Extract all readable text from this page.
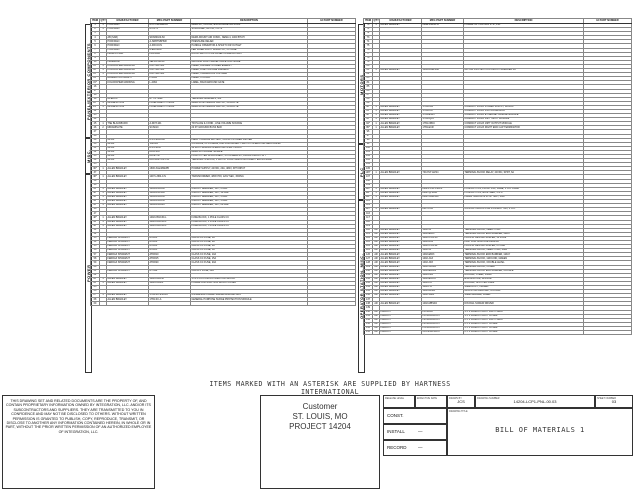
PANEL/EXTERIOR COMPONENTS
MISC.
POWER
ITEM	QTY	MANUFACTURER	MFG PART NUMBER	DESCRIPTION	HI PART NUMBER
1	1	HOFFMAN	A72H7224GRUA	NEMA 4X, 4 DOOR, ENCLOSURE W/PLUGS	
2	1	HOFFMAN	A72P72	SUB-PANEL, WHITE, 72X72	
3					
4		AB (SAB)	SDN30100-60	NEMA MOUNT AIR COND., NEMA 4, 1000 BTUH	
5		HOFFMAN	A-SRBTNBHMX	PRESSURE RELIEF	
6		HOFFMAN	A-FRCCCN	HANDLE OPERATOR & SHAFT FOR OUTLET	
7		HOFFMAN	A-ENC2LM	LED PANEL LIGHT W/SWITCH, 1 PHASE	
8		PENNSYLVAN	PA-L4000	DOOR SWITCH FOR PANEL INTERIOR LIGHT	
9					
10		HENNESSY	5EPLA-N/F4C	GROUND FAULT RECEPTACLE 4-1/2 MORE	
11*	1	KOLORCHEM MARKING	ZCP-NL1-40L	LABEL, DANGER STORED ENERGY	
12*	1	KOLORCHEM MARKING	ZCP-NL1-40L	LABEL, LINE VOLTAGE PRESENT	
13*	1	KOLORCHEM MARKING	ZCP-NL1-40L	LABEL, HAZARDOUS VOLTAGE	
14*		BRADENTON GRAPH	L-4062	LABEL, HI LOGO	
15*		KOLORCHEM MARKING	L-4062	LABEL, BACKGROUND GATE	
16					
17					
18					
19		APEDOC	BY HP 4082	TERMINAL MARKERS, 4x6	
20*	1	MINNESOTA M	PRSE-SWEXT-7X2050	NEMA 4X EXTERNAL SWITCH, 3X/ROUTE	
21*	1	MINNESOTA M	PRSE-SWEXT-7X2050	NEMA 4X EXTERNAL SWITCH, 3X/ROUTE	
22					
23					
24					
25	1	TSE BLACKBURN	A-DNT-101	TR PLACE & COND., LINE VOLUME SOURCE	
26	2	MIDAMINUTE	SCS010	20 FT GROUND BUSS BAR	
27					
28					
29		GPRS	DSH-1800-M0	FIELD TURBULE BATTERY, CLASS II POWER LIMITED	
30		GPRS	VMCD4	CONSOLE, 2X FUSIBLE, AND DISCONNECT SWITCH OPERATING MECHANISM	
31		GPRS	DSH-1050	48 INCH SLIDING OPERATING SHAFT RODS	
32		GPRS	DDA-10A	NEMA 4X FLANGE HANDLE	
33		GPRS	DDSH-3H	LOCK FITTER DISCONNECT, 3H IN NEMA 4X, CLASS CIRCUIT ATT	
34		GPRS	DDCWSH-CBY-15	TERMINAL SHROUD, 3 WAY AT LOAD SIDE DISCONNECT ENCLOSURE	
35					
36*	1	ALLEN BRADLEY	1606-XLE480EPB	POWER SUPPLY, 24VDC, 20A, 480V, 3PH INPUT	
37					
38*	1	ALLEN BRADLEY	1497-L3B4-0-N	TRANSFORMER, 480V PRI, 120V SEC, 1500VA	
39					
40					
41*	1	ALLEN BRADLEY	1489-M1C060	CIRCUIT BREAKER, 1PH, 6 AMP	
42*	1	ALLEN BRADLEY	1489-M1C100	CIRCUIT BREAKER, 1PH, 10 AMP	
43*	1	ALLEN BRADLEY	1489-M1C030	CIRCUIT BREAKER, 1PH, 3 AMP	
44*	1	ALLEN BRADLEY	1489-M1C050	CIRCUIT BREAKER, 1PH, 5 AMP	
45*	1	ALLEN BRADLEY	1489-M1C020	CIRCUIT BREAKER, 1PH, 20 AMP	
46					
47					
48*	1	ALLEN BRADLEY	1492-FB1C30-L	FUSE BLOCK, 1 POLE CLASS CC	
49*	1	ALLEN BRADLEY	1492-FB1C30-L	FUSE BLOCK, 1 POLE CLASS CC	
50*	1	ALLEN BRADLEY	1492-FB3C30-L	FUSE BLOCK, 3 POLE CLASS CC	
51					
52					
53		FERRAZ SHAWMUT	ATDR3	CLASS CC FUSE, 3A	
54		FERRAZ SHAWMUT	ATDR6	CLASS CC FUSE, 6A	
55		FERRAZ SHAWMUT	ATDR4	CLASS CC FUSE, 4A	
56		FERRAZ SHAWMUT	ATDR5	CLASS CC FUSE, 5A	
57		FERRAZ SHAWMUT	ATDR10	CLASS CC FUSE, 10A	
58		FERRAZ SHAWMUT	ATDR15	CLASS CC FUSE, 15A	
59		FERRAZ SHAWMUT	ATDR20	CLASS CC FUSE, 20A	
60					
61		FERRAZ SHAWMUT	A-7098	CLASS J FUSE, 30A	
62					
63*	1	ALLEN BRADLEY	1492-FB3J30	1 IN 4 CUSTOM DISTRIBUTION BLOCK	
64*	1	ALLEN BRADLEY	1492-PBJ2G	POWER DISTRIBUTION BLOCK COVER	
65					
66					
67*	1	ALLEN BRADLEY	1769-SC-IF4OF2	UNIVERSAL POWER SURGE MODULE 120V	
68		ALLEN BRADLEY	1769-SC-A	GENERAL PURPOSE SURGE PROTECTION MODULE	
69					
MOTORS
PLC
OPERATOR STATION, MISC.
ITEM	QTY	MANUFACTURER	MFG PART NUMBER	DESCRIPTION	HI PART NUMBER
70	1	ALLEN BRADLEY	280E-F6RGPG	POWER OF 3 RATING 2 HP, 15A	
71					
72					
73					
74					
75					
76					
77					
78					
79					
80					
81	1	ALLEN BRADLEY	140M-D8E-B40	MOTOR PROTECTION CIRCUIT BREAKER 4A	
82					
83					
84					
85					
86					
87					
88					
89					
90*	1	ALLEN BRADLEY	1769-PA4	COMPACT LOGIX POWER SUPPLY, 120VAC	
91*	1	ALLEN BRADLEY	1769-L33	COMPACT LOGIX L33 PROCESSOR	
92*	1	ALLEN BRADLEY	1769-ENBT	COMPACT LOGIX ETHERNET BRIDGE MODULE	
93*	1	ALLEN BRADLEY	1769-IQ16	COMPACT LOGIX 16PT INPUT MODULE	
94*	1	ALLEN BRADLEY	1769-OB16	COMPACT LOGIX 16PT OUTPUT MODULE	
95*	1	ALLEN BRADLEY	1769-ECR	COMPACT LOGIX RIGHT END CAP TERMINATOR	
96					
97					
98					
99					
100					
101					
102					
103					
104					
105					
106*	1	ALLEN BRADLEY	700-HLT12Z24	TERMINAL BLOCK RELAY, 24VDC, SPDT, 6A	
107					
108					
109					
110*	1	ALLEN BRADLEY	800FP-F3PX10KS	PUSHBUTTON, FLUSH PILL, FREE, 1 N.O. 22MM	
111*	1	ALLEN BRADLEY	800F-QH2GA	PUSHBUTTON, MUSH RED, 1 N.C.	
112*	1	ALLEN BRADLEY	800F-N3RFBG	PANEL YELLOW & STOP TEXT, 30M	
113					
114					
115*	1	ALLEN BRADLEY	800T-N11	CONTACT BLOCK FOR PUSHBUTTON, 1 N.O.	
116					
117					
118					
119					
120	AR	ALLEN BRADLEY	1492-J3	TERMINAL BLOCK, FEED-THRU	
121	AR	ALLEN BRADLEY	1492-EBJ3	TERMINAL BLOCK END BARRIER, GRAY	
122	AR	ALLEN BRADLEY	1492-CJJ5-10	PLUG-IN CENTER JUMPER, 10 POLE	
123	AR	ALLEN BRADLEY	1492-MJ3	FAST FOR NONCONFORMING	
124	AR	ALLEN BRADLEY	1492-CJJ5-02	PLUG-IN CENTER JUMPER, 2 POLE	
125	AR	ALLEN BRADLEY	1492-J4	TERMINAL BLOCK, FEED-THRU, 4MM	
126	AR	ALLEN BRADLEY	1492-EBJ3	TERMINAL BLOCK END BARRIER, GRAY	
127	AR	ALLEN BRADLEY	1492-JG3	TERMINAL BLOCK, GROUND, GREEN	
128	AR	ALLEN BRADLEY	1492-JD3	TERMINAL BLOCK, DOUBLE LEVEL	
129	AR	ALLEN BRADLEY	1492-JD3FB	TERMINAL BLOCK, FUSED	
130	AR	ALLEN BRADLEY	1492-EBJD3	TERMINAL BLOCK END BARRIER, DOUBLE	
131	AR	ALLEN BRADLEY	1492-N22	DIN RAIL, STEEL, 35MM	
132	AR	ALLEN BRADLEY	1492-EAJ35	END ANCHOR, DIN RAIL	
133	AR	ALLEN BRADLEY	1492-N1	DIN RAIL, SLOTTED 35MM	
134	AR	ALLEN BRADLEY	1492-H4	WIRE DUCT, HINGED	
135	AR	ALLEN BRADLEY	1492-MNBV	MOUNTING BRACKET, DIN RAIL	
136	AR	ALLEN BRADLEY	1492-WM1	WIRE MARKER, LABEL	
137					
138	AR	ALLEN BRADLEY	1492-MBSD4	DIN RAIL SCREW DRIVER	
139					
140	AR	PANDUIT	F1X1LG6	1 X 1 PANDUIT DUCT LIGHT GRAY	
141	AR	PANDUIT	F1X1LG6-DUCT	1 X 1 PANDUIT DUCT COVER	
142	AR	PANDUIT	F2X3LG6-DUCT	2 X 3 PANDUIT DUCT LIGHT GRAY	
143	AR	PANDUIT	F2X4LG6-DUCT	2 X 4 PANDUIT DUCT COVER	
144	AR	PANDUIT	F3X3LG6-DUCT	3 X 3 PANDUIT DUCT COVER	
145	AR	PANDUIT	C2X3LG6-DUCT	2 X 3 PANDUIT DUCT COVER	
ITEMS MARKED WITH AN ASTERISK ARE SUPPLIED BY HARTNESS INTERNATIONAL
THIS DRAWING SET AND RELATED DOCUMENTS ARE THE PROPERTY OF, AND CONTAIN PROPRIETARY INFORMATION OWNED BY INTEGRATION, LLC. AND/OR ITS SUBCONTRACTORS AND SUPPLIERS. THEY ARE TRANSMITTED TO YOU IN CONFIDENCE AND MAY NOT BE DISCLOSED TO OTHERS. WITHOUT WRITTEN PERMISSION IS GRANTED TO PUBLISH, COPY, REPRODUCE, TRANSMIT, OR DISCLOSE TO ANOTHER ANY INFORMATION CONTAINED HEREIN, IN WHOLE OR IN PART, WITHOUT THE PRIOR WRITTEN PERMISSION OF AN AUTHORIZED EMPLOYEE OF INTEGRATION, LLC.
Customer
ST. LOUIS, MO
PROJECT 14204
RELEASE LEVEL	EFFECTIVE DATE
CONST.
INSTALL	—
RECORD	—
DRAWN BY
JCS
DRAWING NUMBER
14204-LCP1-PNL-00.03
SHEET NUMBER
03
DRAWING TITLE
BILL OF MATERIALS 1
